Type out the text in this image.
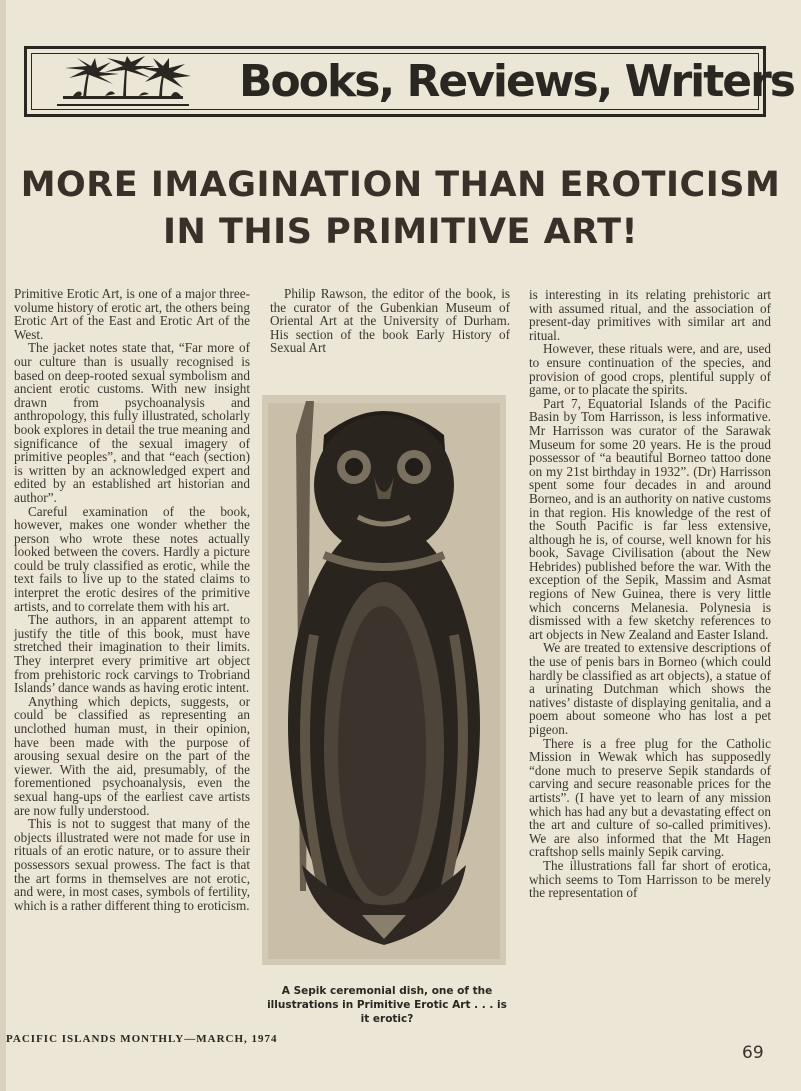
Books, Reviews, Writers
MORE IMAGINATION THAN EROTICISM
IN THIS PRIMITIVE ART!

Primitive Erotic Art, is one of a major three-volume history of erotic art, the others being Erotic Art of the East and Erotic Art of the West.

The jacket notes state that, “Far more of our culture than is usually recognised is based on deep-rooted sexual symbolism and ancient erotic customs. With new insight drawn from psychoanalysis and anthropology, this fully illustrated, scholarly book explores in detail the true meaning and significance of the sexual imagery of primitive peoples”, and that “each (section) is written by an acknowledged expert and edited by an established art historian and author”.

Careful examination of the book, however, makes one wonder whether the person who wrote these notes actually looked between the covers. Hardly a picture could be truly classified as erotic, while the text fails to live up to the stated claims to interpret the erotic desires of the primitive artists, and to correlate them with his art.

The authors, in an apparent attempt to justify the title of this book, must have stretched their imagination to their limits. They interpret every primitive art object from prehistoric rock carvings to Trobriand Islands’ dance wands as having erotic intent.

Anything which depicts, suggests, or could be classified as representing an unclothed human must, in their opinion, have been made with the purpose of arousing sexual desire on the part of the viewer. With the aid, presumably, of the forementioned psychoanalysis, even the sexual hang-ups of the earliest cave artists are now fully understood.

This is not to suggest that many of the objects illustrated were not made for use in rituals of an erotic nature, or to assure their possessors sexual prowess. The fact is that the art forms in themselves are not erotic, and were, in most cases, symbols of fertility, which is a rather different thing to eroticism.

Philip Rawson, the editor of the book, is the curator of the Gubenkian Museum of Oriental Art at the University of Durham. His section of the book Early History of Sexual Art

A Sepik ceremonial dish, one of the illustrations in Primitive Erotic Art . . . is it erotic?

is interesting in its relating prehistoric art with assumed ritual, and the association of present-day primitives with similar art and ritual.

However, these rituals were, and are, used to ensure continuation of the species, and provision of good crops, plentiful supply of game, or to placate the spirits.

Part 7, Equatorial Islands of the Pacific Basin by Tom Harrisson, is less informative. Mr Harrisson was curator of the Sarawak Museum for some 20 years. He is the proud possessor of “a beautiful Borneo tattoo done on my 21st birthday in 1932”. (Dr) Harrisson spent some four decades in and around Borneo, and is an authority on native customs in that region. His knowledge of the rest of the South Pacific is far less extensive, although he is, of course, well known for his book, Savage Civilisation (about the New Hebrides) published before the war. With the exception of the Sepik, Massim and Asmat regions of New Guinea, there is very little which concerns Melanesia. Polynesia is dismissed with a few sketchy references to art objects in New Zealand and Easter Island.

We are treated to extensive descriptions of the use of penis bars in Borneo (which could hardly be classified as art objects), a statue of a urinating Dutchman which shows the natives’ distaste of displaying genitalia, and a poem about someone who has lost a pet pigeon.

There is a free plug for the Catholic Mission in Wewak which has supposedly “done much to preserve Sepik standards of carving and secure reasonable prices for the artists”. (I have yet to learn of any mission which has had any but a devastating effect on the art and culture of so-called primitives). We are also informed that the Mt Hagen craftshop sells mainly Sepik carving.

The illustrations fall far short of erotica, which seems to Tom Harrisson to be merely the representation of

PACIFIC ISLANDS MONTHLY—MARCH, 1974
69
